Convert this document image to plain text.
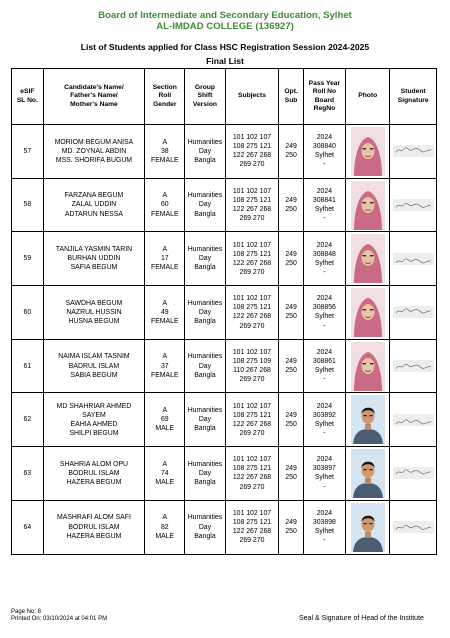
Board of Intermediate and Secondary Education, Sylhet
AL-IMDAD COLLEGE (136927)
List of Students applied for Class HSC Registration Session 2024-2025
Final List
eSIF
SL No.	Candidate's Name/
Father's Name/
Mother's Name	Section
Roll
Gender	Group
Shift
Version	Subjects	Opt.
Sub	Pass Year
Roll No
Board
RegNo	Photo	Student
Signature

57	MORIOM BEGUM ANISA
MD. ZOYNAL ABDIN
MSS. SHORIFA BUGUM	A
38
FEMALE	Humanities
Day
Bangla	101 102 107
108 275 121
122 267 268
269 270	249
250	2024
308840
Sylhet
-

58	FARZANA BEGUM
ZALAL UDDIN
ADTARUN NESSA	A
60
FEMALE	Humanities
Day
Bangla	101 102 107
108 275 121
122 267 268
269 270	249
250	2024
308841
Sylhet
-

59	TANJILA YASMIN TARIN
BURHAN UDDIN
SAFIA BEGUM	A
17
FEMALE	Humanities
Day
Bangla	101 102 107
108 275 121
122 267 268
269 270	249
250	2024
308848
Sylhet
-

60	SAWDHA BEGUM
NAZRUL HUSSIN
HUSNA BEGUM	A
49
FEMALE	Humanities
Day
Bangla	101 102 107
108 275 121
122 267 268
269 270	249
250	2024
308856
Sylhet
-

61	NAIMA ISLAM TASNIM
BADRUL ISLAM
SABIA BEGUM	A
37
FEMALE	Humanities
Day
Bangla	101 102 107
108 275 109
110 267 268
269 270	249
250	2024
308861
Sylhet
-

62	MD SHAHRIAR AHMED
SAYEM
EAHIA AHMED
SHILPI BEGUM	A
69
MALE	Humanities
Day
Bangla	101 102 107
108 275 121
122 267 268
269 270	249
250	2024
303892
Sylhet
-

63	SHAHRIA ALOM OPU
BODRUL ISLAM
HAZERA BEGUM	A
74
MALE	Humanities
Day
Bangla	101 102 107
108 275 121
122 267 268
269 270	249
250	2024
303897
Sylhet
-

64	MASHRAFI ALOM SAFI
BODRUL ISLAM
HAZERA BEGUM	A
82
MALE	Humanities
Day
Bangla	101 102 107
108 275 121
122 267 268
269 270	249
250	2024
303898
Sylhet
-

Page No: 8
Printed On: 03/10/2024 at 04:01 PM	Seal & Signature of Head of the Institute
